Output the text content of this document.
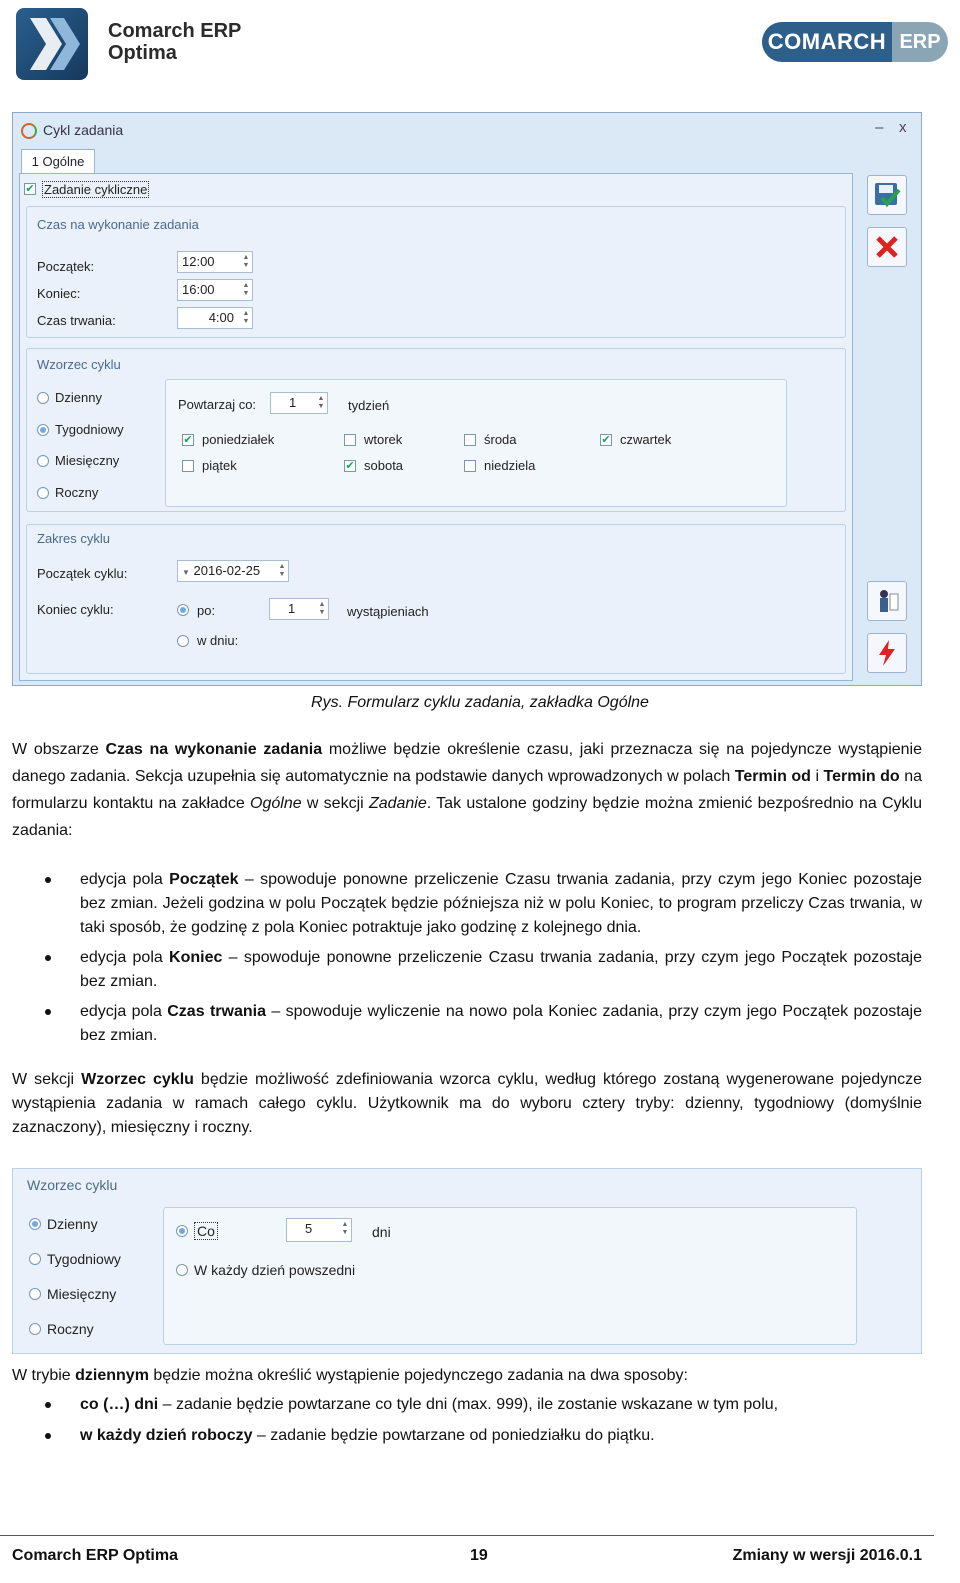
Comarch ERP
Optima	COMARCH ERP
Cykl zadania	– x
1 Ogólne
✔ Zadanie cykliczne
Czas na wykonanie zadania
Początek:	12:00	▲
▼
Koniec:	16:00	▲
▼
Czas trwania:	4:00 ▲
▼
Wzorzec cyklu
Dzienny
Tygodniowy
Miesięczny
Roczny
Powtarzaj co:	1	▲
▼ tydzień
✔ poniedziałek	wtorek	środa	✔ czwartek
piątek	✔ sobota	niedziela
Zakres cyklu
Początek cyklu:	▼ 2016-02-25	▲
▼
Koniec cyklu:	po:	1	▲
▼ wystąpieniach
w dniu:
Rys. Formularz cyklu zadania, zakładka Ogólne
W obszarze Czas na wykonanie zadania możliwe będzie określenie czasu, jaki przeznacza się na pojedyncze wystąpienie danego zadania. Sekcja uzupełnia się automatycznie na podstawie danych wprowadzonych w polach Termin od i Termin do na formularzu kontaktu na zakładce Ogólne w sekcji Zadanie. Tak ustalone godziny będzie można zmienić bezpośrednio na Cyklu zadania:
edycja pola Początek – spowoduje ponowne przeliczenie Czasu trwania zadania, przy czym jego Koniec pozostaje bez zmian. Jeżeli godzina w polu Początek będzie późniejsza niż w polu Koniec, to program przeliczy Czas trwania, w taki sposób, że godzinę z pola Koniec potraktuje jako godzinę z kolejnego dnia.
edycja pola Koniec – spowoduje ponowne przeliczenie Czasu trwania zadania, przy czym jego Początek pozostaje bez zmian.
edycja pola Czas trwania – spowoduje wyliczenie na nowo pola Koniec zadania, przy czym jego Początek pozostaje bez zmian.
W sekcji Wzorzec cyklu będzie możliwość zdefiniowania wzorca cyklu, według którego zostaną wygenerowane pojedyncze wystąpienia zadania w ramach całego cyklu. Użytkownik ma do wyboru cztery tryby: dzienny, tygodniowy (domyślnie zaznaczony), miesięczny i roczny.
Wzorzec cyklu
Dzienny
Tygodniowy
Miesięczny
Roczny
Co	5	▲
▼ dni
W każdy dzień powszedni
W trybie dziennym będzie można określić wystąpienie pojedynczego zadania na dwa sposoby:
co (…) dni – zadanie będzie powtarzane co tyle dni (max. 999), ile zostanie wskazane w tym polu,
w każdy dzień roboczy – zadanie będzie powtarzane od poniedziałku do piątku.
Comarch ERP Optima	19	Zmiany w wersji 2016.0.1
